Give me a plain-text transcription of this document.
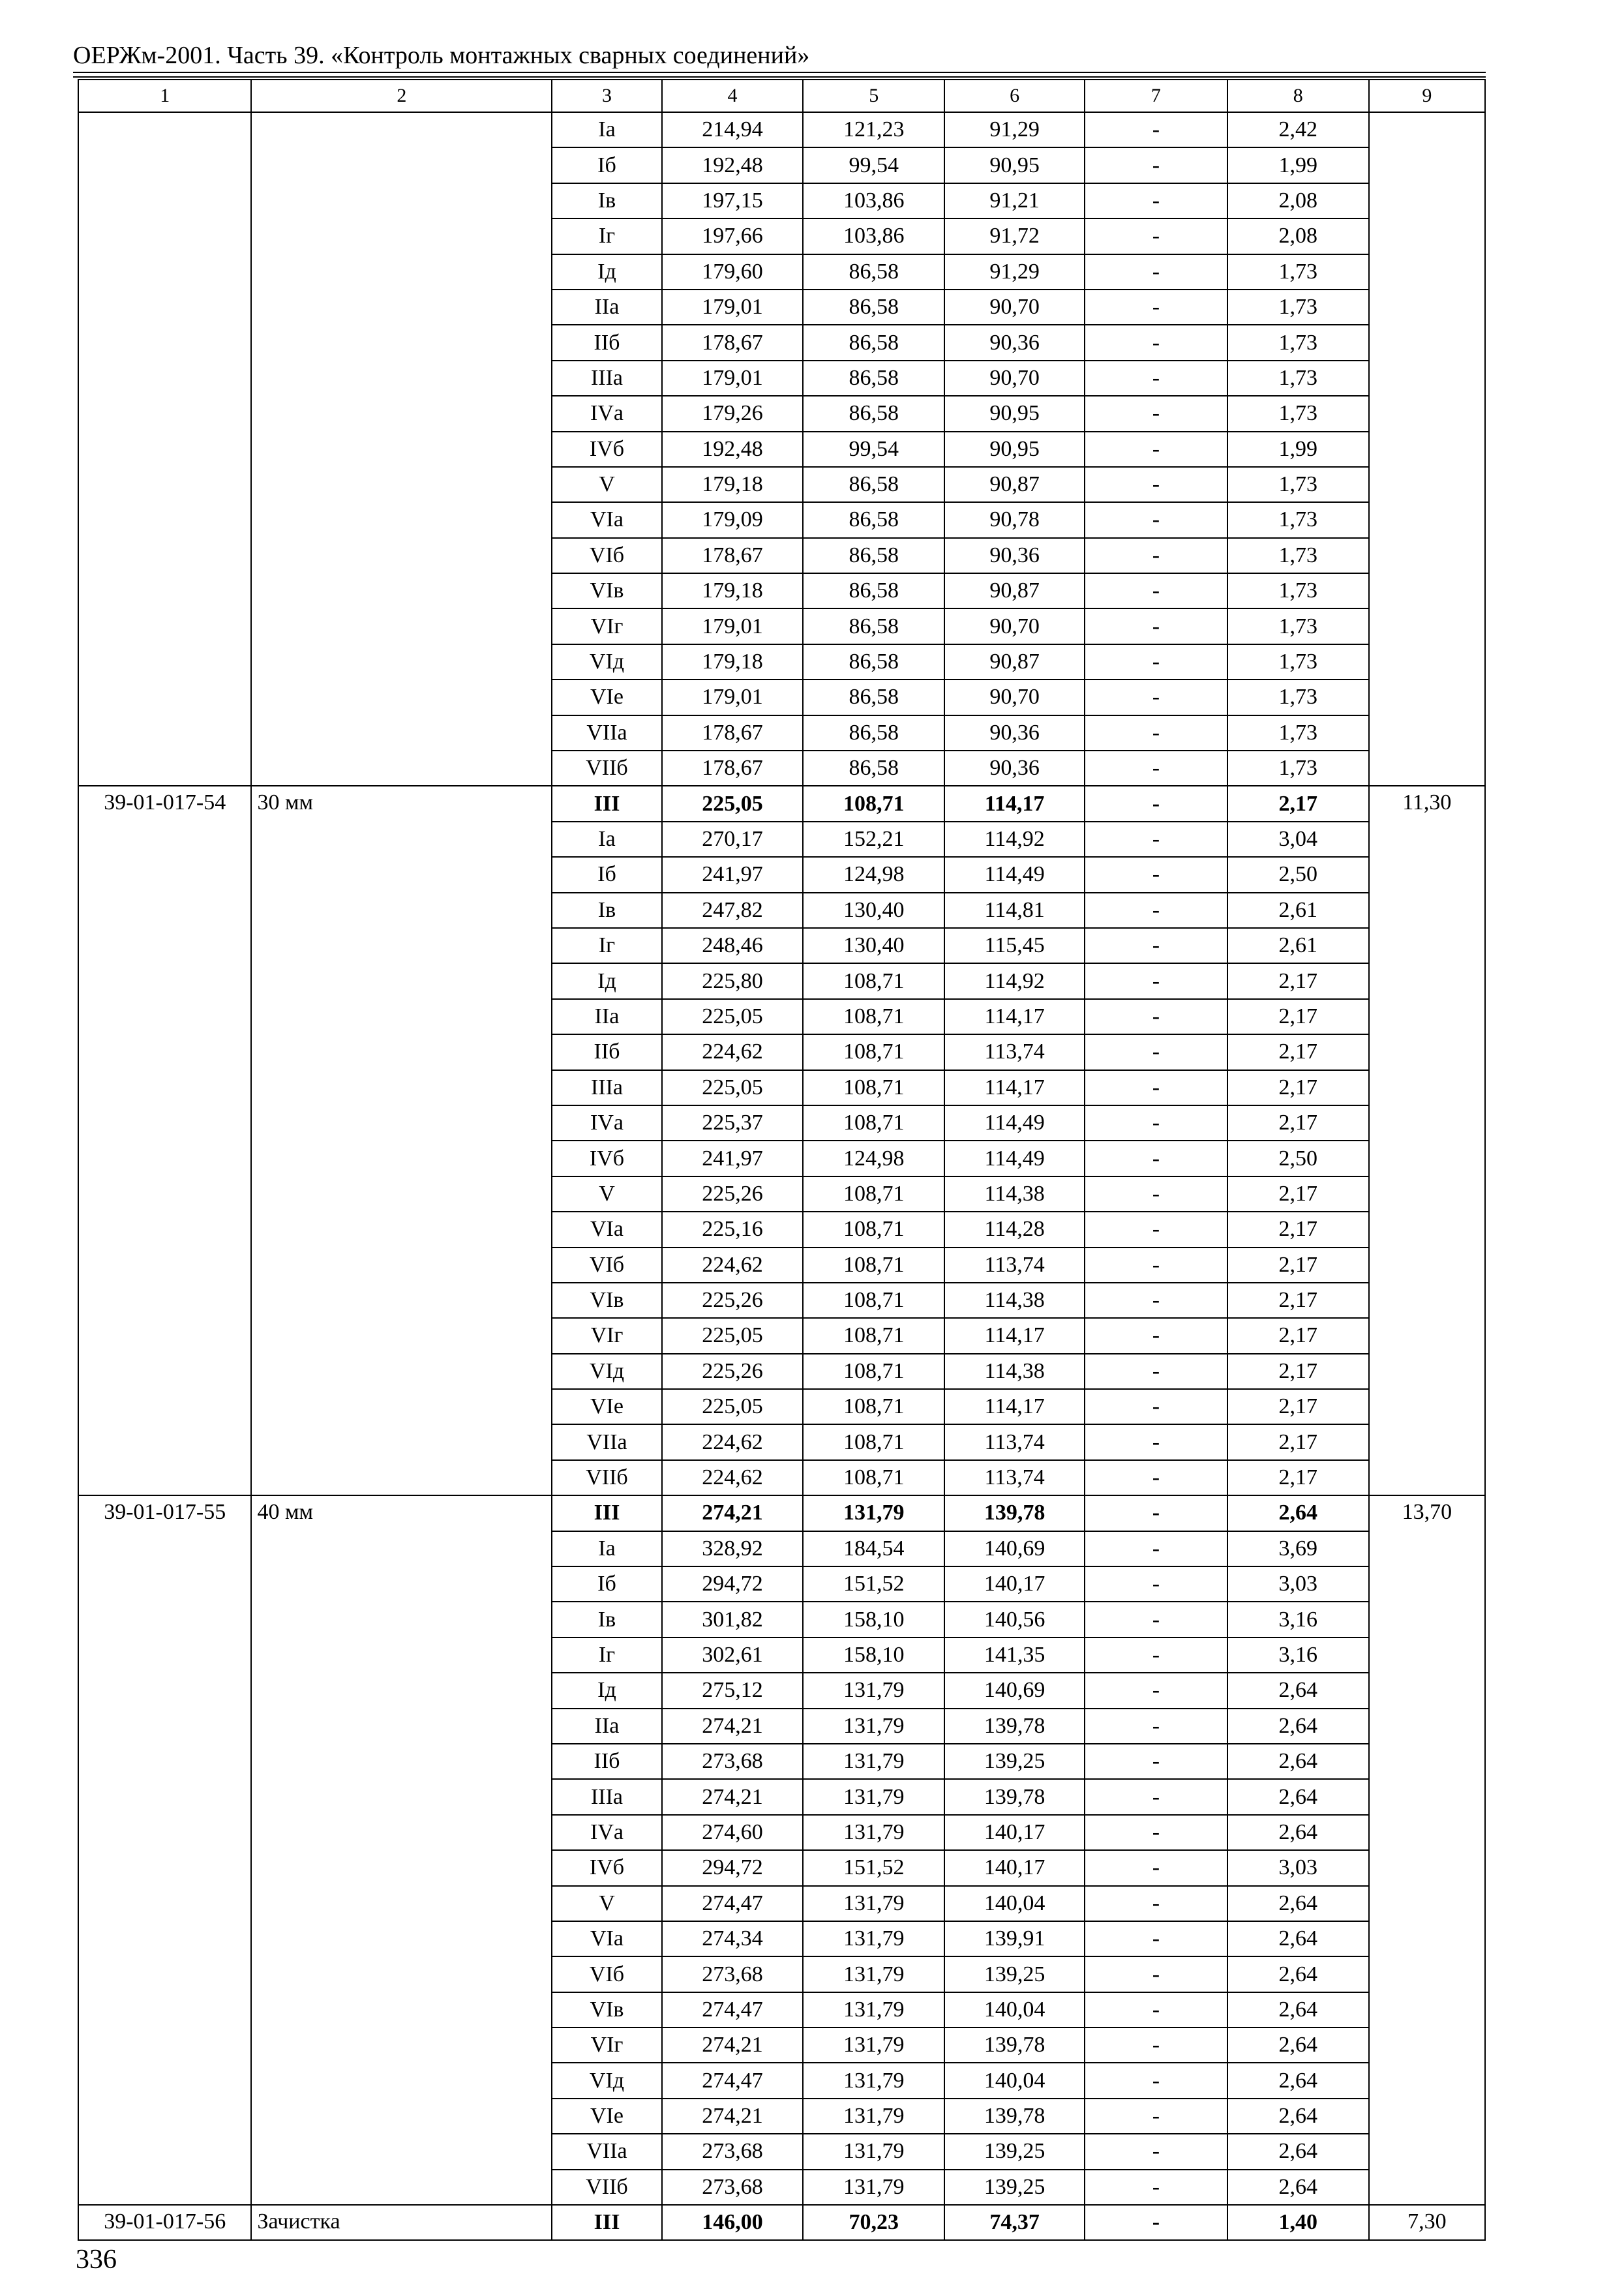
ОЕРЖм-2001. Часть 39. «Контроль монтажных сварных соединений»
1	2	3	4	5	6	7	8	9
		Iа	214,94	121,23	91,29	-	2,42	
		Iб	192,48	99,54	90,95	-	1,99	
		Iв	197,15	103,86	91,21	-	2,08	
		Iг	197,66	103,86	91,72	-	2,08	
		Iд	179,60	86,58	91,29	-	1,73	
		IIа	179,01	86,58	90,70	-	1,73	
		IIб	178,67	86,58	90,36	-	1,73	
		IIIа	179,01	86,58	90,70	-	1,73	
		IVа	179,26	86,58	90,95	-	1,73	
		IVб	192,48	99,54	90,95	-	1,99	
		V	179,18	86,58	90,87	-	1,73	
		VIа	179,09	86,58	90,78	-	1,73	
		VIб	178,67	86,58	90,36	-	1,73	
		VIв	179,18	86,58	90,87	-	1,73	
		VIг	179,01	86,58	90,70	-	1,73	
		VIд	179,18	86,58	90,87	-	1,73	
		VIе	179,01	86,58	90,70	-	1,73	
		VIIа	178,67	86,58	90,36	-	1,73	
		VIIб	178,67	86,58	90,36	-	1,73	
39-01-017-54	30 мм	III	225,05	108,71	114,17	-	2,17	11,30
		Iа	270,17	152,21	114,92	-	3,04	
		Iб	241,97	124,98	114,49	-	2,50	
		Iв	247,82	130,40	114,81	-	2,61	
		Iг	248,46	130,40	115,45	-	2,61	
		Iд	225,80	108,71	114,92	-	2,17	
		IIа	225,05	108,71	114,17	-	2,17	
		IIб	224,62	108,71	113,74	-	2,17	
		IIIа	225,05	108,71	114,17	-	2,17	
		IVа	225,37	108,71	114,49	-	2,17	
		IVб	241,97	124,98	114,49	-	2,50	
		V	225,26	108,71	114,38	-	2,17	
		VIа	225,16	108,71	114,28	-	2,17	
		VIб	224,62	108,71	113,74	-	2,17	
		VIв	225,26	108,71	114,38	-	2,17	
		VIг	225,05	108,71	114,17	-	2,17	
		VIд	225,26	108,71	114,38	-	2,17	
		VIе	225,05	108,71	114,17	-	2,17	
		VIIа	224,62	108,71	113,74	-	2,17	
		VIIб	224,62	108,71	113,74	-	2,17	
39-01-017-55	40 мм	III	274,21	131,79	139,78	-	2,64	13,70
		Iа	328,92	184,54	140,69	-	3,69	
		Iб	294,72	151,52	140,17	-	3,03	
		Iв	301,82	158,10	140,56	-	3,16	
		Iг	302,61	158,10	141,35	-	3,16	
		Iд	275,12	131,79	140,69	-	2,64	
		IIа	274,21	131,79	139,78	-	2,64	
		IIб	273,68	131,79	139,25	-	2,64	
		IIIа	274,21	131,79	139,78	-	2,64	
		IVа	274,60	131,79	140,17	-	2,64	
		IVб	294,72	151,52	140,17	-	3,03	
		V	274,47	131,79	140,04	-	2,64	
		VIа	274,34	131,79	139,91	-	2,64	
		VIб	273,68	131,79	139,25	-	2,64	
		VIв	274,47	131,79	140,04	-	2,64	
		VIг	274,21	131,79	139,78	-	2,64	
		VIд	274,47	131,79	140,04	-	2,64	
		VIе	274,21	131,79	139,78	-	2,64	
		VIIа	273,68	131,79	139,25	-	2,64	
		VIIб	273,68	131,79	139,25	-	2,64	
39-01-017-56	Зачистка	III	146,00	70,23	74,37	-	1,40	7,30
336
